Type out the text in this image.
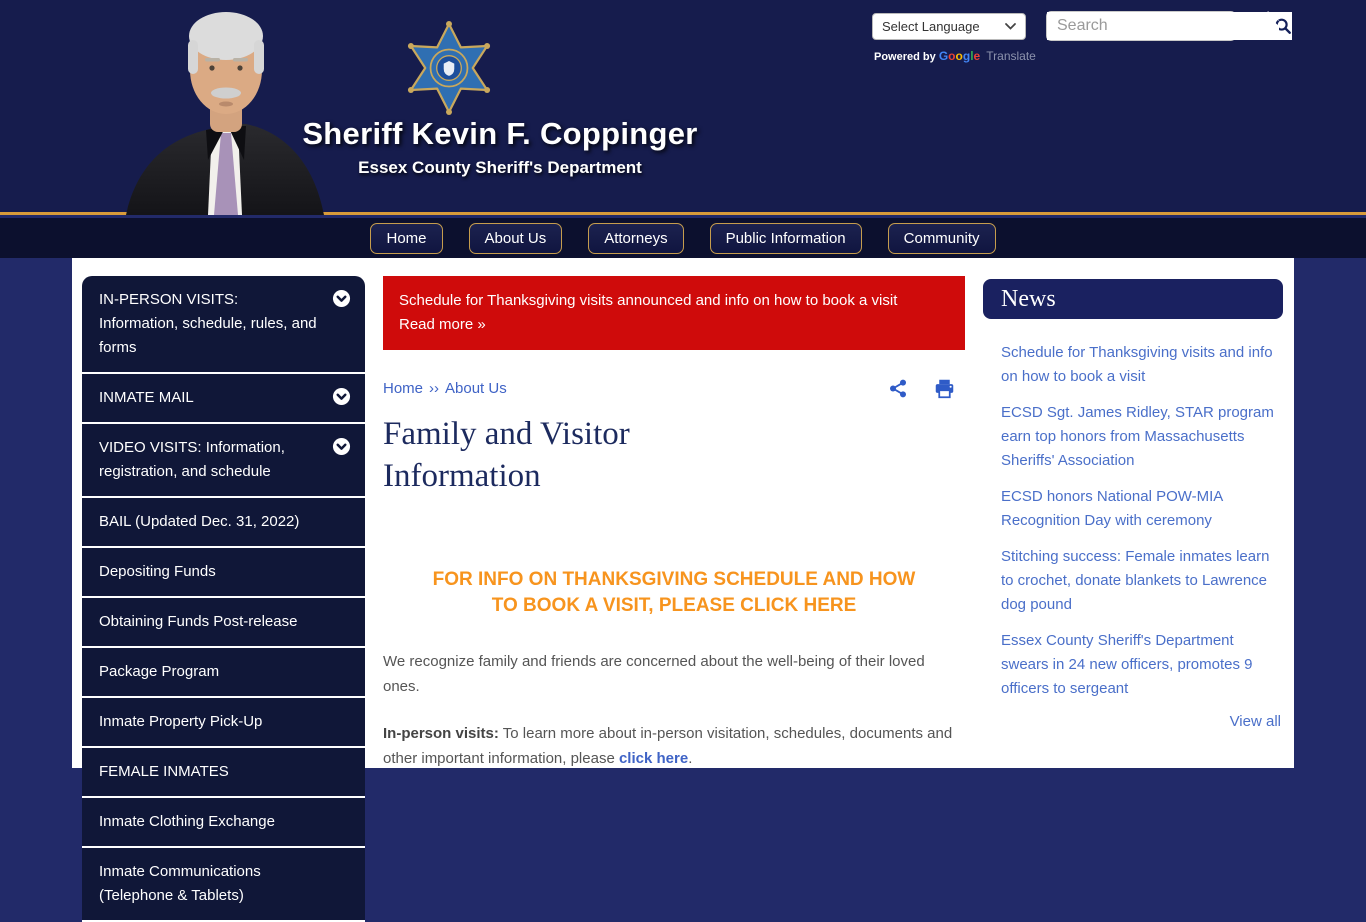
Sheriff Kevin F. Coppinger
Essex County Sheriff's Department
Select Language
Powered by Google Translate
Search
Home	About Us	Attorneys	Public Information	Community
IN-PERSON VISITS: Information, schedule, rules, and forms
INMATE MAIL
VIDEO VISITS: Information, registration, and schedule
BAIL (Updated Dec. 31, 2022)
Depositing Funds
Obtaining Funds Post-release
Package Program
Inmate Property Pick-Up
FEMALE INMATES
Inmate Clothing Exchange
Inmate Communications (Telephone & Tablets)
Schedule for Thanksgiving visits announced and info on how to book a visit
Read more »
Home ›› About Us
Family and Visitor Information
FOR INFO ON THANKSGIVING SCHEDULE AND HOW TO BOOK A VISIT, PLEASE CLICK HERE

We recognize family and friends are concerned about the well-being of their loved ones.

In-person visits: To learn more about in-person visitation, schedules, documents and other important information, please click here.

News
Schedule for Thanksgiving visits and info on how to book a visit
ECSD Sgt. James Ridley, STAR program earn top honors from Massachusetts Sheriffs' Association
ECSD honors National POW-MIA Recognition Day with ceremony
Stitching success: Female inmates learn to crochet, donate blankets to Lawrence dog pound
Essex County Sheriff's Department swears in 24 new officers, promotes 9 officers to sergeant
View all
